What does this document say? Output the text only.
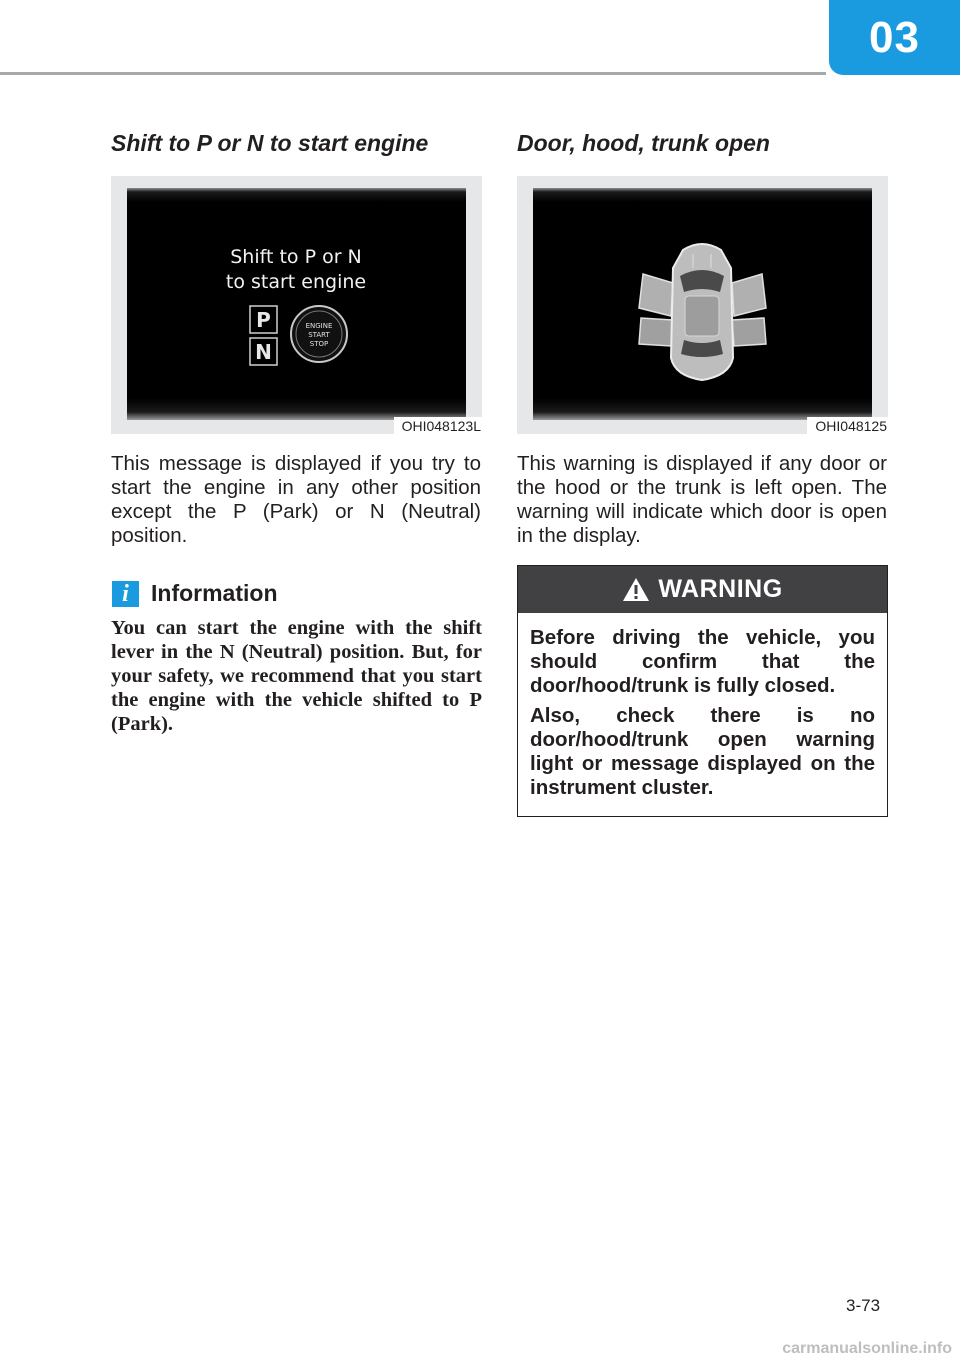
03
Shift to P or N to start engine
Shift to P or N
to start engine
P
N
ENGINE
START
STOP
OHI048123L

This message is displayed if you try to start the engine in any other position except the P (Park) or N (Neutral) position.

i Information

You can start the engine with the shift lever in the N (Neutral) position. But, for your safety, we recommend that you start the engine with the vehicle shifted to P (Park).

Door, hood, trunk open
OHI048125

This warning is displayed if any door or the hood or the trunk is left open. The warning will indicate which door is open in the display.

WARNING

Before driving the vehicle, you should confirm that the door/hood/trunk is fully closed.

Also, check there is no door/hood/trunk open warning light or message displayed on the instrument cluster.

3-73
carmanualsonline.info
